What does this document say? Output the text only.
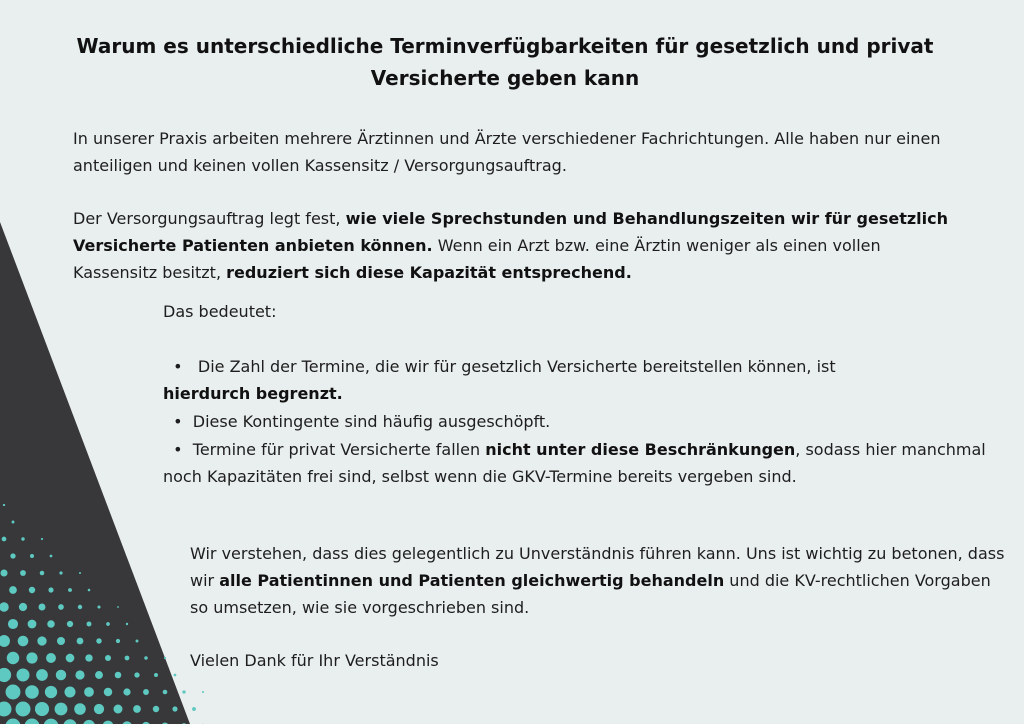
Warum es unterschiedliche Terminverfügbarkeiten für gesetzlich und privat Versicherte geben kann

In unserer Praxis arbeiten mehrere Ärztinnen und Ärzte verschiedener Fachrichtungen. Alle haben nur einen anteiligen und keinen vollen Kassensitz / Versorgungsauftrag.

Der Versorgungsauftrag legt fest, wie viele Sprechstunden und Behandlungszeiten wir für gesetzlich Versicherte Patienten anbieten können. Wenn ein Arzt bzw. eine Ärztin weniger als einen vollen Kassensitz besitzt, reduziert sich diese Kapazität entsprechend.

Das bedeutet:

• Die Zahl der Termine, die wir für gesetzlich Versicherte bereitstellen können, ist
hierdurch begrenzt.

• Diese Kontingente sind häufig ausgeschöpft.

• Termine für privat Versicherte fallen nicht unter diese Beschränkungen, sodass hier manchmal noch Kapazitäten frei sind, selbst wenn die GKV-Termine bereits vergeben sind.

Wir verstehen, dass dies gelegentlich zu Unverständnis führen kann. Uns ist wichtig zu betonen, dass wir alle Patientinnen und Patienten gleichwertig behandeln und die KV-rechtlichen Vorgaben so umsetzen, wie sie vorgeschrieben sind.

Vielen Dank für Ihr Verständnis
